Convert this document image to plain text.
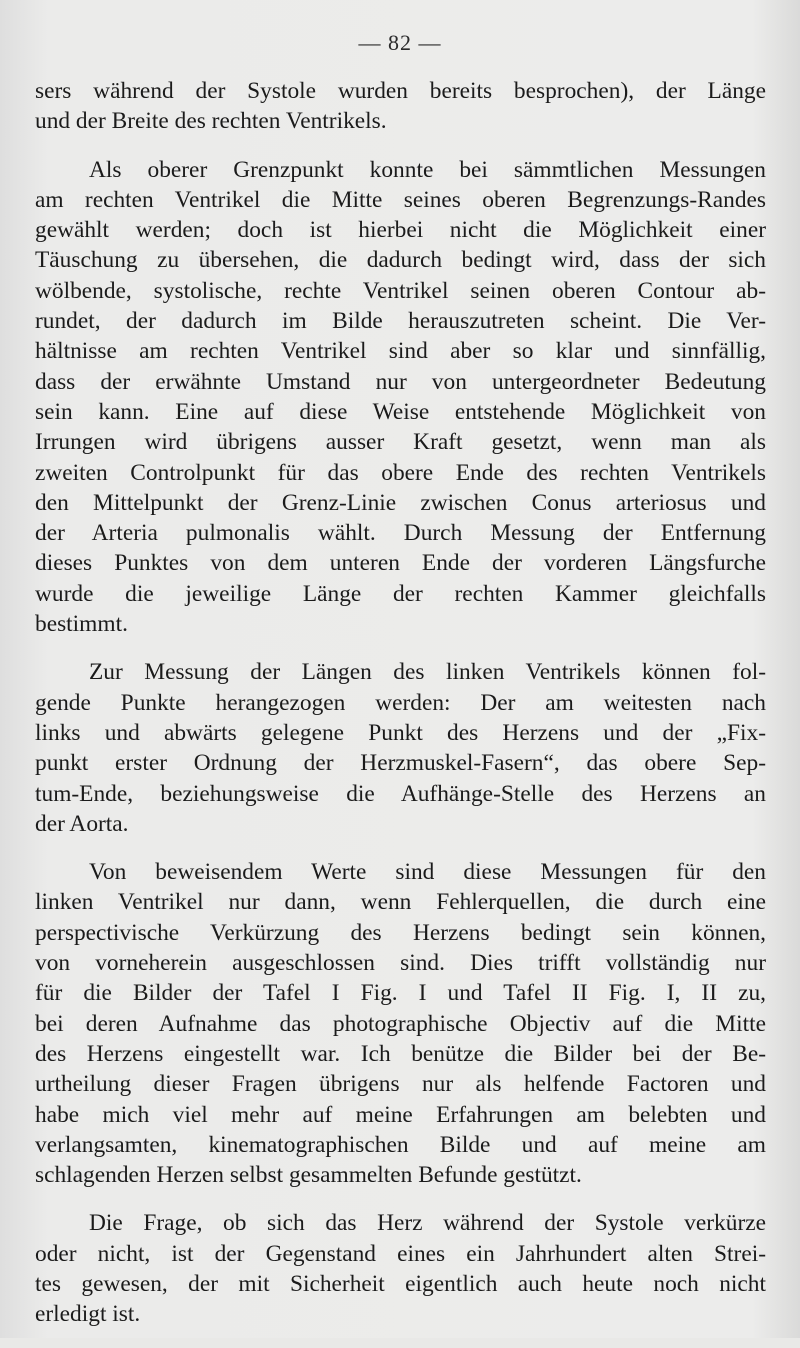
— 82 —

sers während der Systole wurden bereits besprochen), der Länge
und der Breite des rechten Ventrikels.

Als oberer Grenzpunkt konnte bei sämmtlichen Messungen
am rechten Ventrikel die Mitte seines oberen Begrenzungs-Randes
gewählt werden; doch ist hierbei nicht die Möglichkeit einer
Täuschung zu übersehen, die dadurch bedingt wird, dass der sich
wölbende, systolische, rechte Ventrikel seinen oberen Contour ab-
rundet, der dadurch im Bilde herauszutreten scheint. Die Ver-
hältnisse am rechten Ventrikel sind aber so klar und sinnfällig,
dass der erwähnte Umstand nur von untergeordneter Bedeutung
sein kann. Eine auf diese Weise entstehende Möglichkeit von
Irrungen wird übrigens ausser Kraft gesetzt, wenn man als
zweiten Controlpunkt für das obere Ende des rechten Ventrikels
den Mittelpunkt der Grenz-Linie zwischen Conus arteriosus und
der Arteria pulmonalis wählt. Durch Messung der Entfernung
dieses Punktes von dem unteren Ende der vorderen Längsfurche
wurde die jeweilige Länge der rechten Kammer gleichfalls
bestimmt.

Zur Messung der Längen des linken Ventrikels können fol-
gende Punkte herangezogen werden: Der am weitesten nach
links und abwärts gelegene Punkt des Herzens und der „Fix-
punkt erster Ordnung der Herzmuskel-Fasern“, das obere Sep-
tum-Ende, beziehungsweise die Aufhänge-Stelle des Herzens an
der Aorta.

Von beweisendem Werte sind diese Messungen für den
linken Ventrikel nur dann, wenn Fehlerquellen, die durch eine
perspectivische Verkürzung des Herzens bedingt sein können,
von vorneherein ausgeschlossen sind. Dies trifft vollständig nur
für die Bilder der Tafel I Fig. I und Tafel II Fig. I, II zu,
bei deren Aufnahme das photographische Objectiv auf die Mitte
des Herzens eingestellt war. Ich benütze die Bilder bei der Be-
urtheilung dieser Fragen übrigens nur als helfende Factoren und
habe mich viel mehr auf meine Erfahrungen am belebten und
verlangsamten, kinematographischen Bilde und auf meine am
schlagenden Herzen selbst gesammelten Befunde gestützt.

Die Frage, ob sich das Herz während der Systole verkürze
oder nicht, ist der Gegenstand eines ein Jahrhundert alten Strei-
tes gewesen, der mit Sicherheit eigentlich auch heute noch nicht
erledigt ist.
